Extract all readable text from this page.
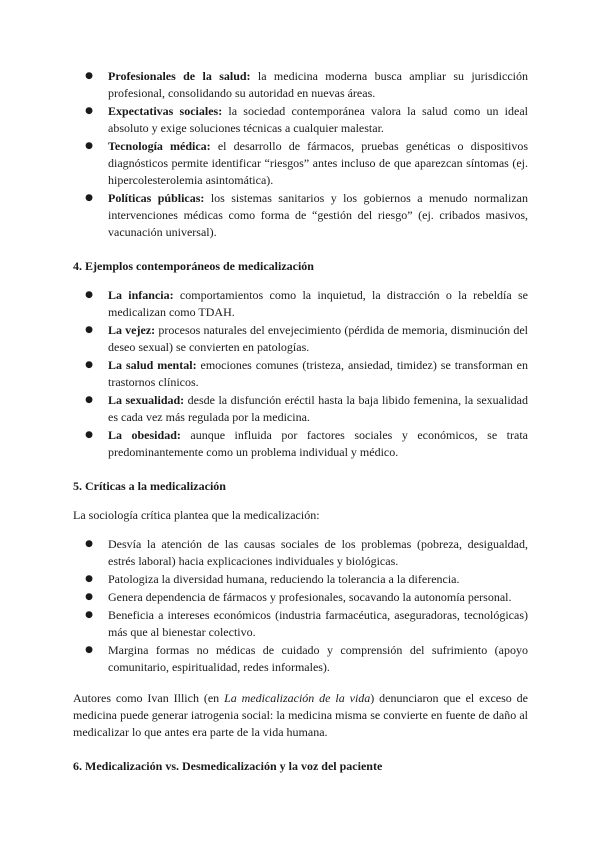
● Profesionales de la salud: la medicina moderna busca ampliar su jurisdicción profesional, consolidando su autoridad en nuevas áreas.
● Expectativas sociales: la sociedad contemporánea valora la salud como un ideal absoluto y exige soluciones técnicas a cualquier malestar.
● Tecnología médica: el desarrollo de fármacos, pruebas genéticas o dispositivos diagnósticos permite identificar “riesgos” antes incluso de que aparezcan síntomas (ej. hipercolesterolemia asintomática).
● Políticas públicas: los sistemas sanitarios y los gobiernos a menudo normalizan intervenciones médicas como forma de “gestión del riesgo” (ej. cribados masivos, vacunación universal).

4. Ejemplos contemporáneos de medicalización

● La infancia: comportamientos como la inquietud, la distracción o la rebeldía se medicalizan como TDAH.
● La vejez: procesos naturales del envejecimiento (pérdida de memoria, disminución del deseo sexual) se convierten en patologías.
● La salud mental: emociones comunes (tristeza, ansiedad, timidez) se transforman en trastornos clínicos.
● La sexualidad: desde la disfunción eréctil hasta la baja libido femenina, la sexualidad es cada vez más regulada por la medicina.
● La obesidad: aunque influida por factores sociales y económicos, se trata predominantemente como un problema individual y médico.

5. Críticas a la medicalización

La sociología crítica plantea que la medicalización:

● Desvía la atención de las causas sociales de los problemas (pobreza, desigualdad, estrés laboral) hacia explicaciones individuales y biológicas.
● Patologiza la diversidad humana, reduciendo la tolerancia a la diferencia.
● Genera dependencia de fármacos y profesionales, socavando la autonomía personal.
● Beneficia a intereses económicos (industria farmacéutica, aseguradoras, tecnológicas) más que al bienestar colectivo.
● Margina formas no médicas de cuidado y comprensión del sufrimiento (apoyo comunitario, espiritualidad, redes informales).

Autores como Ivan Illich (en La medicalización de la vida) denunciaron que el exceso de medicina puede generar iatrogenia social: la medicina misma se convierte en fuente de daño al medicalizar lo que antes era parte de la vida humana.

6. Medicalización vs. Desmedicalización y la voz del paciente
